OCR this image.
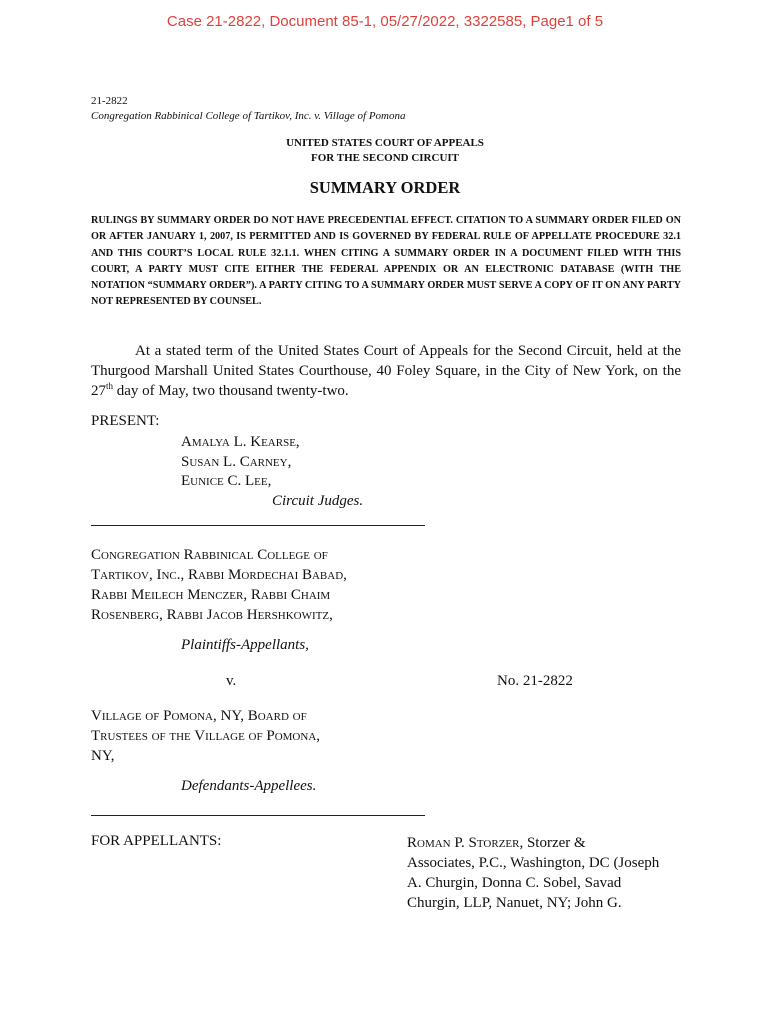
Case 21-2822, Document 85-1, 05/27/2022, 3322585, Page1 of 5
21-2822
Congregation Rabbinical College of Tartikov, Inc. v. Village of Pomona
UNITED STATES COURT OF APPEALS
FOR THE SECOND CIRCUIT
SUMMARY ORDER
RULINGS BY SUMMARY ORDER DO NOT HAVE PRECEDENTIAL EFFECT. CITATION TO A SUMMARY ORDER FILED ON OR AFTER JANUARY 1, 2007, IS PERMITTED AND IS GOVERNED BY FEDERAL RULE OF APPELLATE PROCEDURE 32.1 AND THIS COURT’S LOCAL RULE 32.1.1. WHEN CITING A SUMMARY ORDER IN A DOCUMENT FILED WITH THIS COURT, A PARTY MUST CITE EITHER THE FEDERAL APPENDIX OR AN ELECTRONIC DATABASE (WITH THE NOTATION “SUMMARY ORDER”). A PARTY CITING TO A SUMMARY ORDER MUST SERVE A COPY OF IT ON ANY PARTY NOT REPRESENTED BY COUNSEL.
At a stated term of the United States Court of Appeals for the Second Circuit, held at the Thurgood Marshall United States Courthouse, 40 Foley Square, in the City of New York, on the 27th day of May, two thousand twenty-two.
PRESENT:
Amalya L. Kearse,
Susan L. Carney,
Eunice C. Lee,
Circuit Judges.
Congregation Rabbinical College of
Tartikov, Inc., Rabbi Mordechai Babad,
Rabbi Meilech Menczer, Rabbi Chaim
Rosenberg, Rabbi Jacob Hershkowitz,
Plaintiffs-Appellants,
v.	No. 21-2822
Village of Pomona, NY, Board of
Trustees of the Village of Pomona,
NY,
Defendants-Appellees.
FOR APPELLANTS:	Roman P. Storzer, Storzer &
Associates, P.C., Washington, DC (Joseph
A. Churgin, Donna C. Sobel, Savad
Churgin, LLP, Nanuet, NY; John G.
